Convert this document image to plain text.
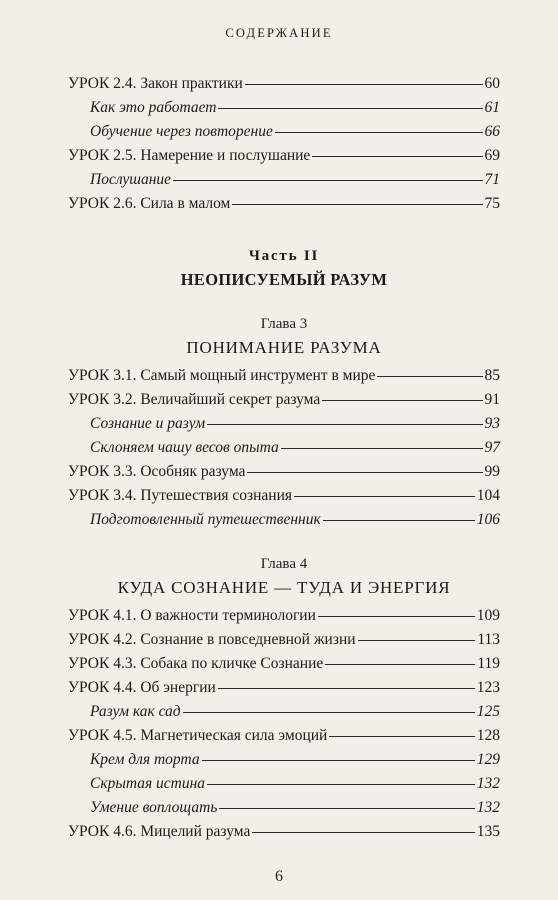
СОДЕРЖАНИЕ
УРОК 2.4. Закон практики	60
Как это работает	61
Обучение через повторение	66
УРОК 2.5. Намерение и послушание	69
Послушание	71
УРОК 2.6. Сила в малом	75
Часть II
НЕОПИСУЕМЫЙ РАЗУМ
Глава 3
ПОНИМАНИЕ РАЗУМА
УРОК 3.1. Самый мощный инструмент в мире	85
УРОК 3.2. Величайший секрет разума	91
Сознание и разум	93
Склоняем чашу весов опыта	97
УРОК 3.3. Особняк разума	99
УРОК 3.4. Путешествия сознания	104
Подготовленный путешественник	106
Глава 4
КУДА СОЗНАНИЕ — ТУДА И ЭНЕРГИЯ
УРОК 4.1. О важности терминологии	109
УРОК 4.2. Сознание в повседневной жизни	113
УРОК 4.3. Собака по кличке Сознание	119
УРОК 4.4. Об энергии	123
Разум как сад	125
УРОК 4.5. Магнетическая сила эмоций	128
Крем для торта	129
Скрытая истина	132
Умение воплощать	132
УРОК 4.6. Мицелий разума	135
6
